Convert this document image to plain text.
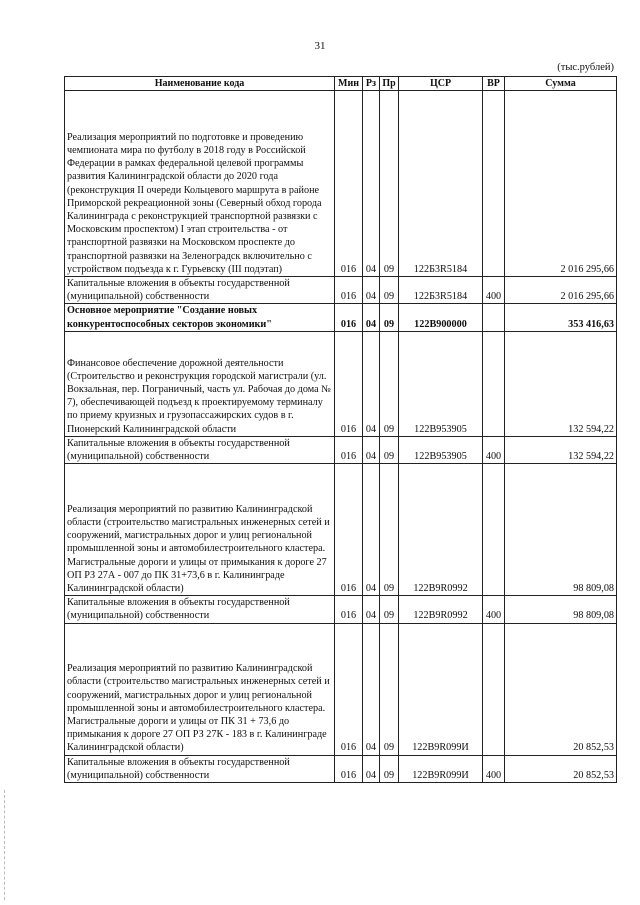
31
(тыс.рублей)
Наименование кода	Мин	Рз	Пр	ЦСР	ВР	Сумма
Реализация мероприятий по подготовке и проведению чемпионата мира по футболу в 2018 году в Российской Федерации в рамках федеральной целевой программы развития Калининградской области до 2020 года (реконструкция II очереди Кольцевого маршрута в районе Приморской рекреационной зоны (Северный обход города Калининграда с реконструкцией транспортной развязки с Московским проспектом) I этап строительства - от транспортной развязки на Московском проспекте до транспортной развязки на Зеленоградск включительно с устройством подъезда к г. Гурьевску (III подэтап)	016	04	09	122Б3R5184		2 016 295,66
Капитальные вложения в объекты государственной (муниципальной) собственности	016	04	09	122Б3R5184	400	2 016 295,66
Основное мероприятие "Создание новых конкурентоспособных секторов экономики"	016	04	09	122В900000		353 416,63
Финансовое обеспечение дорожной деятельности (Строительство и реконструкция городской магистрали (ул. Вокзальная, пер. Пограничный, часть ул. Рабочая до дома № 7), обеспечивающей подъезд к проектируемому терминалу по приему круизных и грузопассажирских судов в г. Пионерский Калининградской области	016	04	09	122В953905		132 594,22
Капитальные вложения в объекты государственной (муниципальной) собственности	016	04	09	122В953905	400	132 594,22
Реализация мероприятий по развитию Калининградской области (строительство магистральных инженерных сетей и сооружений, магистральных дорог и улиц региональной промышленной зоны и автомобилестроительного кластера. Магистральные дороги и улицы от примыкания к дороге 27 ОП РЗ 27А - 007 до ПК 31+73,6 в г. Калининграде Калининградской области)	016	04	09	122В9R0992		98 809,08
Капитальные вложения в объекты государственной (муниципальной) собственности	016	04	09	122В9R0992	400	98 809,08
Реализация мероприятий по развитию Калининградской области (строительство магистральных инженерных сетей и сооружений, магистральных дорог и улиц региональной промышленной зоны и автомобилестроительного кластера. Магистральные дороги и улицы от ПК 31 + 73,6 до примыкания к дороге 27 ОП РЗ 27К - 183 в г. Калининграде Калининградской области)	016	04	09	122В9R099И		20 852,53
Капитальные вложения в объекты государственной (муниципальной) собственности	016	04	09	122В9R099И	400	20 852,53
